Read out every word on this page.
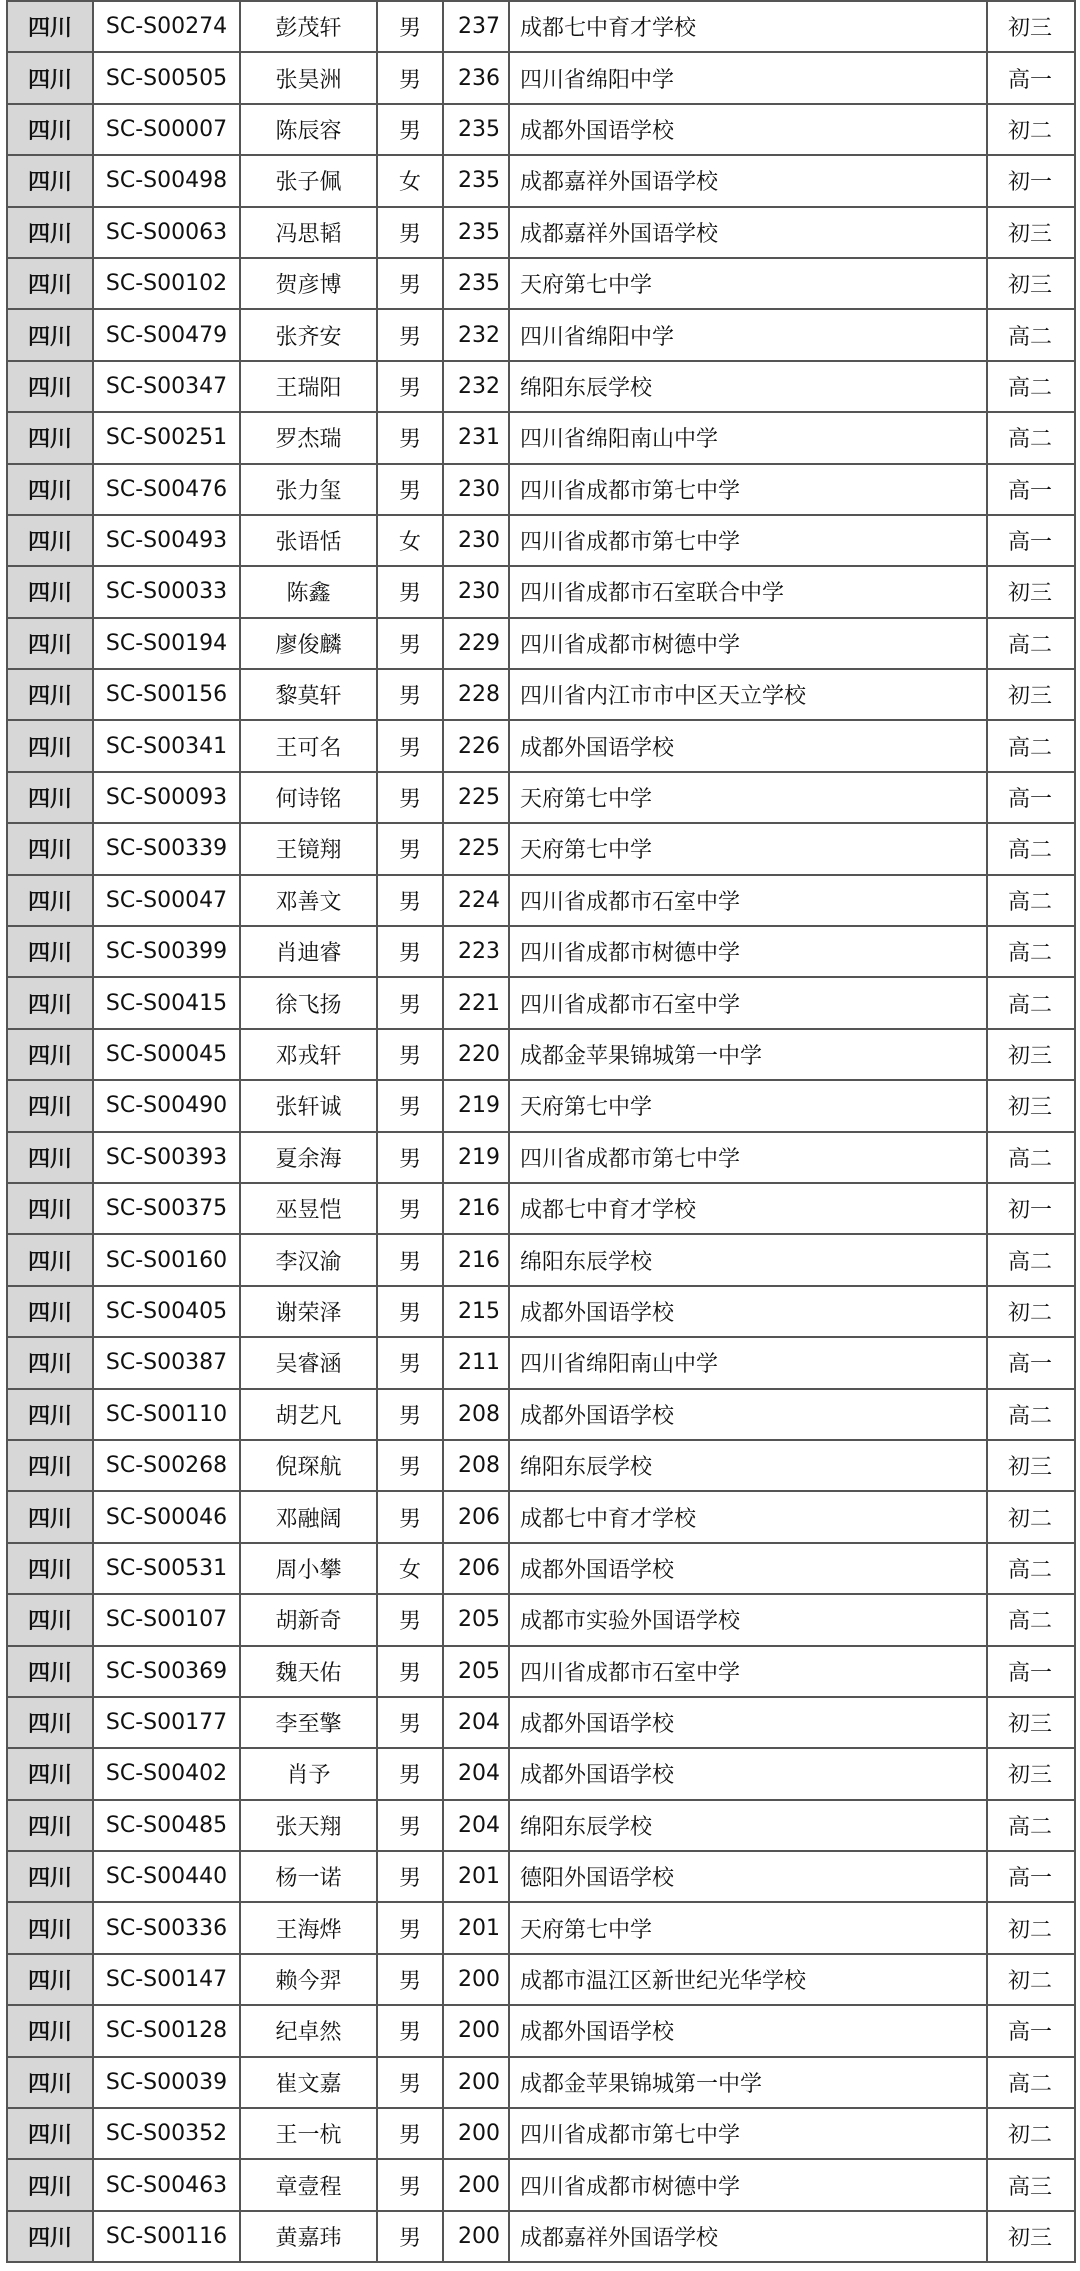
四川	SC-S00274	彭茂轩	男	237	成都七中育才学校	初三
四川	SC-S00505	张昊洲	男	236	四川省绵阳中学	高一
四川	SC-S00007	陈辰容	男	235	成都外国语学校	初二
四川	SC-S00498	张子佩	女	235	成都嘉祥外国语学校	初一
四川	SC-S00063	冯思韬	男	235	成都嘉祥外国语学校	初三
四川	SC-S00102	贺彦博	男	235	天府第七中学	初三
四川	SC-S00479	张齐安	男	232	四川省绵阳中学	高二
四川	SC-S00347	王瑞阳	男	232	绵阳东辰学校	高二
四川	SC-S00251	罗杰瑞	男	231	四川省绵阳南山中学	高二
四川	SC-S00476	张力玺	男	230	四川省成都市第七中学	高一
四川	SC-S00493	张语恬	女	230	四川省成都市第七中学	高一
四川	SC-S00033	陈鑫	男	230	四川省成都市石室联合中学	初三
四川	SC-S00194	廖俊麟	男	229	四川省成都市树德中学	高二
四川	SC-S00156	黎莫轩	男	228	四川省内江市市中区天立学校	初三
四川	SC-S00341	王可名	男	226	成都外国语学校	高二
四川	SC-S00093	何诗铭	男	225	天府第七中学	高一
四川	SC-S00339	王镜翔	男	225	天府第七中学	高二
四川	SC-S00047	邓善文	男	224	四川省成都市石室中学	高二
四川	SC-S00399	肖迪睿	男	223	四川省成都市树德中学	高二
四川	SC-S00415	徐飞扬	男	221	四川省成都市石室中学	高二
四川	SC-S00045	邓戎轩	男	220	成都金苹果锦城第一中学	初三
四川	SC-S00490	张轩诚	男	219	天府第七中学	初三
四川	SC-S00393	夏余海	男	219	四川省成都市第七中学	高二
四川	SC-S00375	巫昱恺	男	216	成都七中育才学校	初一
四川	SC-S00160	李汉渝	男	216	绵阳东辰学校	高二
四川	SC-S00405	谢荣泽	男	215	成都外国语学校	初二
四川	SC-S00387	吴睿涵	男	211	四川省绵阳南山中学	高一
四川	SC-S00110	胡艺凡	男	208	成都外国语学校	高二
四川	SC-S00268	倪琛航	男	208	绵阳东辰学校	初三
四川	SC-S00046	邓融阔	男	206	成都七中育才学校	初二
四川	SC-S00531	周小攀	女	206	成都外国语学校	高二
四川	SC-S00107	胡新奇	男	205	成都市实验外国语学校	高二
四川	SC-S00369	魏天佑	男	205	四川省成都市石室中学	高一
四川	SC-S00177	李至擎	男	204	成都外国语学校	初三
四川	SC-S00402	肖予	男	204	成都外国语学校	初三
四川	SC-S00485	张天翔	男	204	绵阳东辰学校	高二
四川	SC-S00440	杨一诺	男	201	德阳外国语学校	高一
四川	SC-S00336	王海烨	男	201	天府第七中学	初二
四川	SC-S00147	赖今羿	男	200	成都市温江区新世纪光华学校	初二
四川	SC-S00128	纪卓然	男	200	成都外国语学校	高一
四川	SC-S00039	崔文嘉	男	200	成都金苹果锦城第一中学	高二
四川	SC-S00352	王一杭	男	200	四川省成都市第七中学	初二
四川	SC-S00463	章壹程	男	200	四川省成都市树德中学	高三
四川	SC-S00116	黄嘉玮	男	200	成都嘉祥外国语学校	初三
